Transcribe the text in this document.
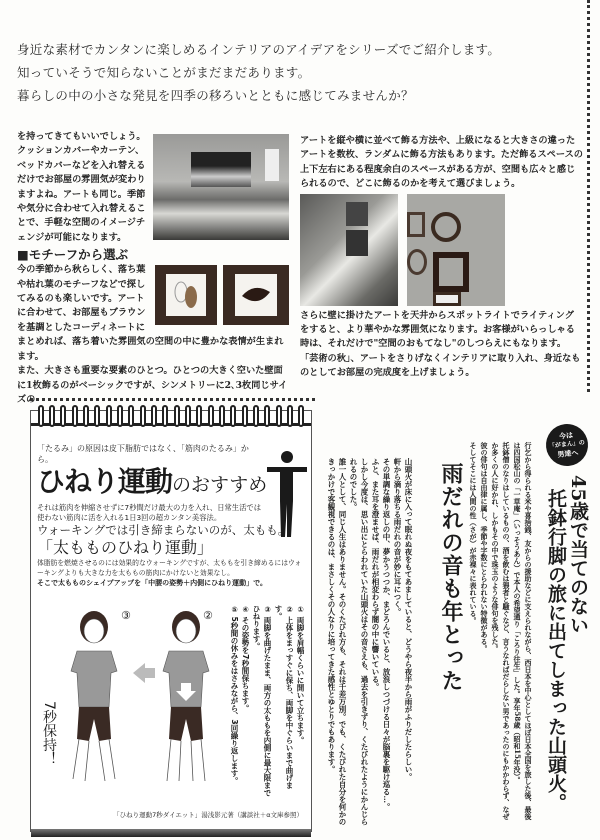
身近な素材でカンタンに楽しめるインテリアのアイデアをシリーズでご紹介します。
知っていそうで知らないことがまだまだあります。
暮らしの中の小さな発見を四季の移ろいとともに感じてみませんか？
を持ってきてもいいでしょう。クッションカバーやカーテン、ベッドカバーなどを入れ替えるだけでお部屋の雰囲気が変わりますよね。アートも同じ。季節や気分に合わせて入れ替えることで、手軽な空間のイメージチェンジが可能になります。
■モチーフから選ぶ
今の季節から秋らしく、落ち葉や枯れ葉のモチーフなどで探してみるのも楽しいです。アートに合わせて、お部屋もブラウンを基調としたコーディネートにまとめれば、落ち着いた雰囲気の空間の中に豊かな表情が生まれます。
また、大きさも重要な要素のひとつ。ひとつの大きく空いた壁面に1枚飾るのがベーシックですが、シンメトリーに2､3枚同じサイズの
アートを縦や横に並べて飾る方法や、上級になると大きさの違ったアートを数枚、ランダムに飾る方法もあります。ただ飾るスペースの上下左右にある程度余白のスペースがある方が、空間も広々と感じられるので、どこに飾るのかを考えて選びましょう。
さらに壁に掛けたアートを天井からスポットライトでライティングをすると、より華やかな雰囲気になります。お客様がいらっしゃる時は、それだけで"空間のおもてなし"のしつらえにもなります。
「芸術の秋」、アートをさりげなくインテリアに取り入れ、身近なものとしてお部屋の完成度を上げましょう。
「たるみ」の原因は皮下脂肪ではなく、「筋肉のたるみ」から。
ひねり運動のおすすめ
それは筋肉を伸縮させずに7秒間だけ最大の力を入れ、日常生活では使わない筋肉に活を入れる1日3回の超カンタン美容法。
ウォーキングでは引き締まらないのが、太もも。
「太もものひねり運動」
体脂肪を燃焼させるのには効果的なウォーキングですが、太ももを引き締めるにはウォーキングよりも大きな力を太ももの筋肉にかけないと効果なし。
そこで太もものシェイプアップを「中腰の姿勢＋内側にひねり運動」で。
③
7秒保持！
②	① 両脚を肩幅くらいに開いて立ちます。
② 上体をまっすぐに保ち、両脚を中ぐらいまで曲げます。
③ 両脚を曲げたまま、両方の太ももを内側に最大限までひねります。
④ その姿勢を7秒間保ちます。
⑤ 5秒間の休みをはさみながら、3回繰り返します。
「ひねり運動7秒ダイエット」湯浅影元著（講談社＋α文庫参照）
今は
「がまん」の
男達へ
45歳で当てのない
托鉢行脚の旅に出てしまった山頭火。
行乞から得られる米や喜捨銭、友からの援助などに支えられながら、西日本を中心としてほぼ日本全国を旅した後、最後は四国松山の「一草庵」（いっそうあん）で本人の希望通り「ころり往生」した。享年58歳（昭和15年没）。
托鉢僧のなりはしているものの、酒を飲むは猥者と騒ぐなど、言うなればだらしない男であったのにもかかわらず、なぜか多くの人に好かれ、しかもその中で珠玉のような俳句を残した。
彼の俳句は自由律に属し、季節や字数にとらわれない特徴がある。
そしてそこには人間の性（さが）が赤裸々に表れている。
雨だれの音も年とった
山頭火が床に入って眠れぬ夜をもてあましていると、どうやら夜半から雨がふりだしたらしい。
軒から滴り落ちる雨だれの音が妙に耳につく。
その単調な繰り返しの中、夢かうつつか、まどろんでいると、放浪しつづける日々が脳裏を駆け巡る…。
ふと、また耳を澄ませば、雨だれが相変わらず闇の中に響いている。
しかし今度は、思い出にとらわれていた山頭火はその音さえも、過去を引きずり、くたびれたようにかんじられるのでした。
誰一人として、同じ人生はありません。そのくたびれ方も、それは千差万別。でも、くたびれた自分を何かのきっかけで客観視できるのは、まさしくその人なりに培ってきた感性とゆとりでもあります。
